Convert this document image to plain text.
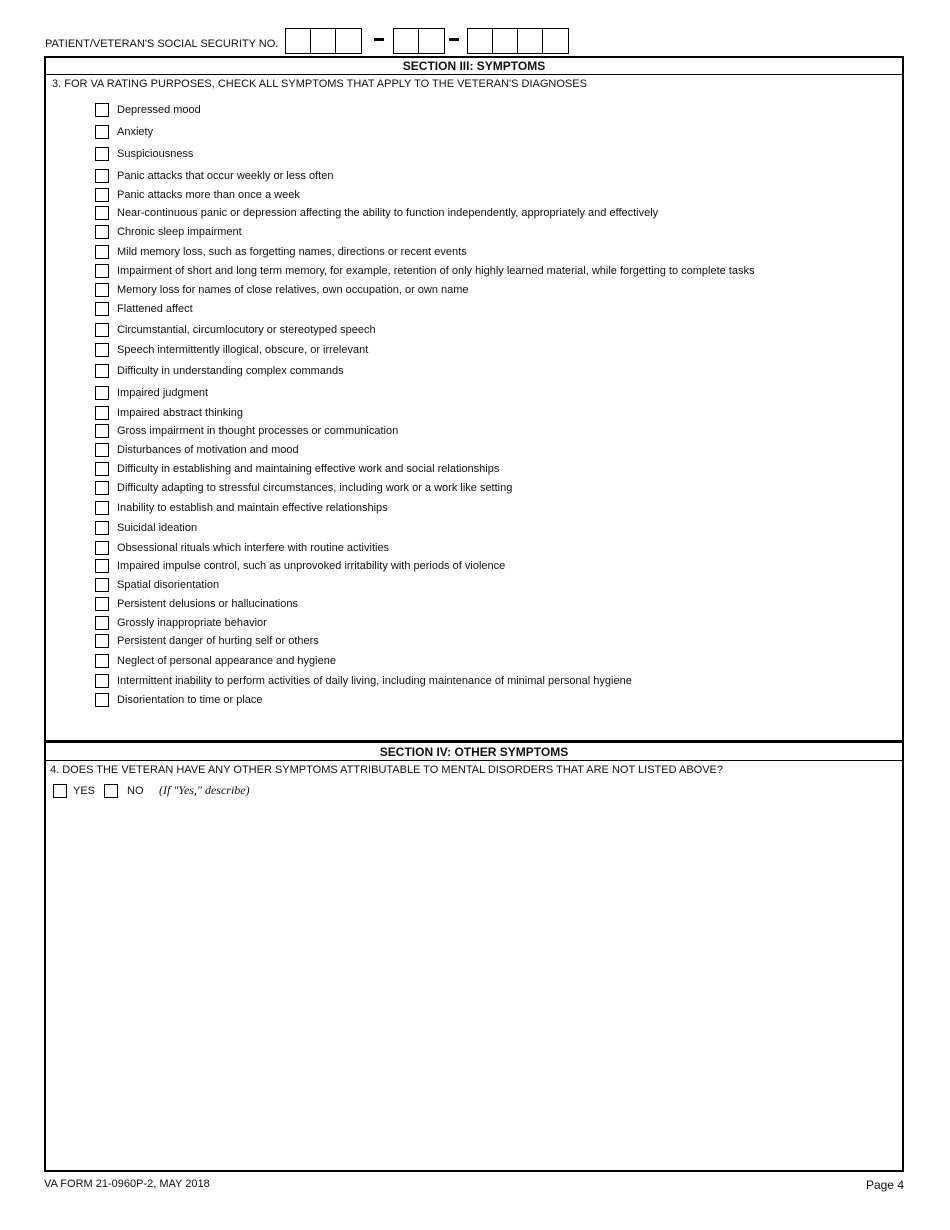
PATIENT/VETERAN'S SOCIAL SECURITY NO.
SECTION III: SYMPTOMS
3. FOR VA RATING PURPOSES, CHECK ALL SYMPTOMS THAT APPLY TO THE VETERAN'S DIAGNOSES
Depressed mood
Anxiety
Suspiciousness
Panic attacks that occur weekly or less often
Panic attacks more than once a week
Near-continuous panic or depression affecting the ability to function independently, appropriately and effectively
Chronic sleep impairment
Mild memory loss, such as forgetting names, directions or recent events
Impairment of short and long term memory, for example, retention of only highly learned material, while forgetting to complete tasks
Memory loss for names of close relatives, own occupation, or own name
Flattened affect
Circumstantial, circumlocutory or stereotyped speech
Speech intermittently illogical, obscure, or irrelevant
Difficulty in understanding complex commands
Impaired judgment
Impaired abstract thinking
Gross impairment in thought processes or communication
Disturbances of motivation and mood
Difficulty in establishing and maintaining effective work and social relationships
Difficulty adapting to stressful circumstances, including work or a work like setting
Inability to establish and maintain effective relationships
Suicidal ideation
Obsessional rituals which interfere with routine activities
Impaired impulse control, such as unprovoked irritability with periods of violence
Spatial disorientation
Persistent delusions or hallucinations
Grossly inappropriate behavior
Persistent danger of hurting self or others
Neglect of personal appearance and hygiene
Intermittent inability to perform activities of daily living, including maintenance of minimal personal hygiene
Disorientation to time or place
SECTION IV: OTHER SYMPTOMS
4. DOES THE VETERAN HAVE ANY OTHER SYMPTOMS ATTRIBUTABLE TO MENTAL DISORDERS THAT ARE NOT LISTED ABOVE?
YES	NO (If "Yes," describe)
VA FORM 21-0960P-2, MAY 2018	Page 4
